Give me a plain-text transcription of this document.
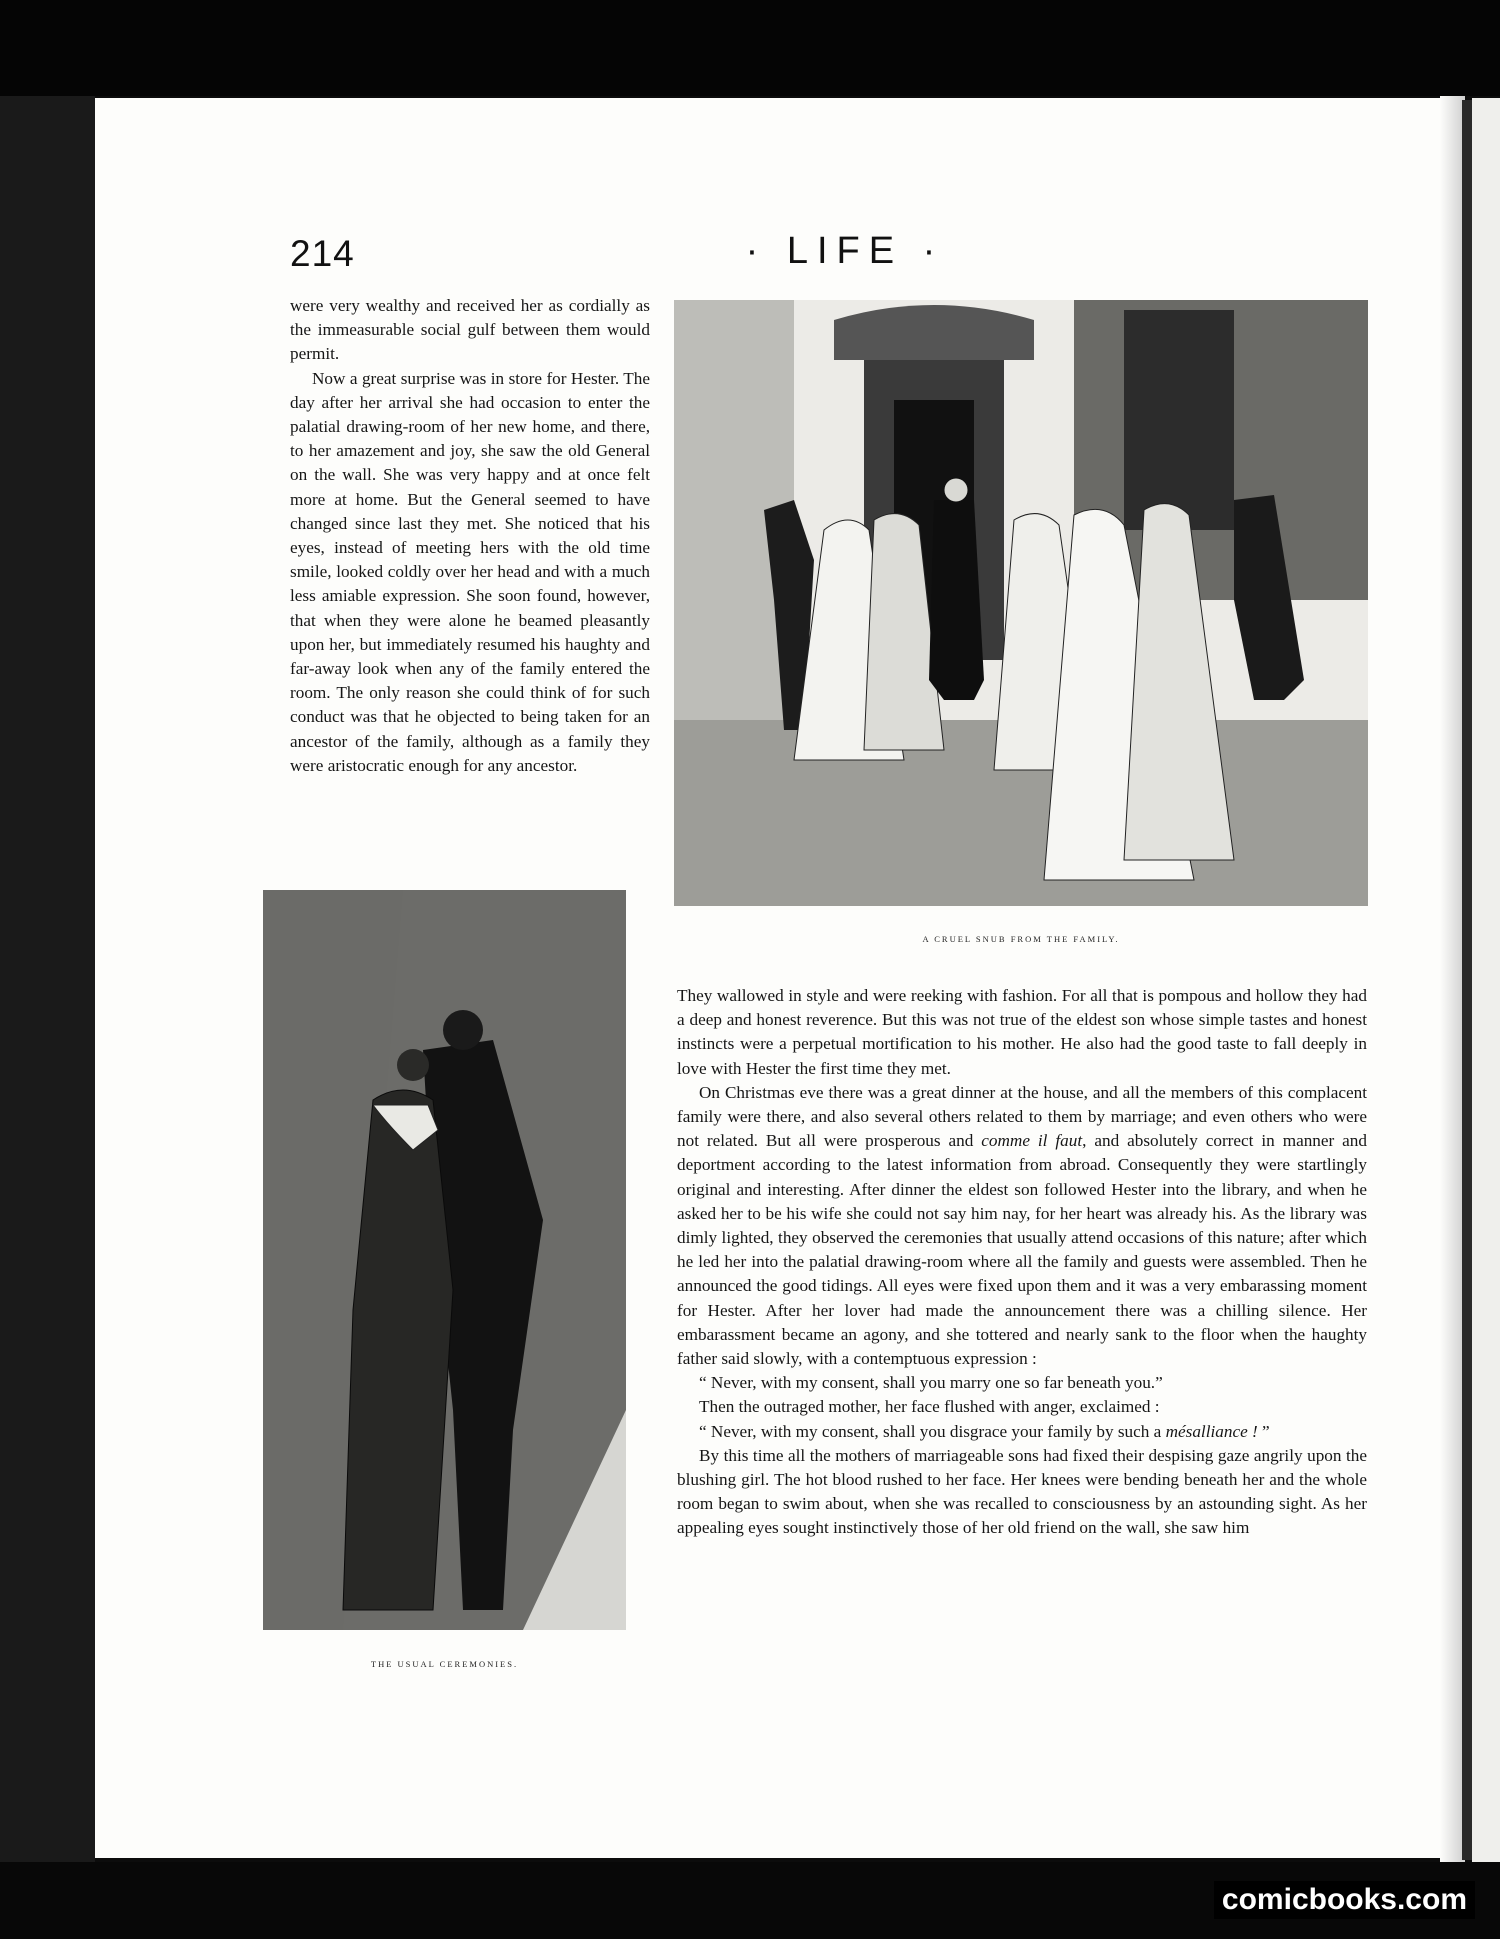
214	· LIFE ·

were very wealthy and received her as cordially as the immeasurable social gulf between them would permit.

Now a great surprise was in store for Hester. The day after her arrival she had occasion to enter the palatial drawing-room of her new home, and there, to her amazement and joy, she saw the old General on the wall. She was very happy and at once felt more at home. But the General seemed to have changed since last they met. She noticed that his eyes, instead of meeting hers with the old time smile, looked coldly over her head and with a much less amiable expression. She soon found, however, that when they were alone he beamed pleasantly upon her, but immediately resumed his haughty and far-away look when any of the family entered the room. The only reason she could think of for such conduct was that he objected to being taken for an ancestor of the family, although as a family they were aristocratic enough for any ancestor.

A CRUEL SNUB FROM THE FAMILY.
THE USUAL CEREMONIES.

They wallowed in style and were reeking with fashion. For all that is pompous and hollow they had a deep and honest reverence. But this was not true of the eldest son whose simple tastes and honest instincts were a perpetual mortification to his mother. He also had the good taste to fall deeply in love with Hester the first time they met.

On Christmas eve there was a great dinner at the house, and all the members of this complacent family were there, and also several others related to them by marriage; and even others who were not related. But all were prosperous and comme il faut, and absolutely correct in manner and deportment according to the latest information from abroad. Consequently they were startlingly original and interesting. After dinner the eldest son followed Hester into the library, and when he asked her to be his wife she could not say him nay, for her heart was already his. As the library was dimly lighted, they observed the ceremonies that usually attend occasions of this nature; after which he led her into the palatial drawing-room where all the family and guests were assembled. Then he announced the good tidings. All eyes were fixed upon them and it was a very embarassing moment for Hester. After her lover had made the announcement there was a chilling silence. Her embarassment became an agony, and she tottered and nearly sank to the floor when the haughty father said slowly, with a contemptuous expression :

“ Never, with my consent, shall you marry one so far beneath you.”

Then the outraged mother, her face flushed with anger, exclaimed :

“ Never, with my consent, shall you disgrace your family by such a mésalliance ! ”

By this time all the mothers of marriageable sons had fixed their despising gaze angrily upon the blushing girl. The hot blood rushed to her face. Her knees were bending beneath her and the whole room began to swim about, when she was recalled to consciousness by an astounding sight. As her appealing eyes sought instinctively those of her old friend on the wall, she saw him

comicbooks.com
